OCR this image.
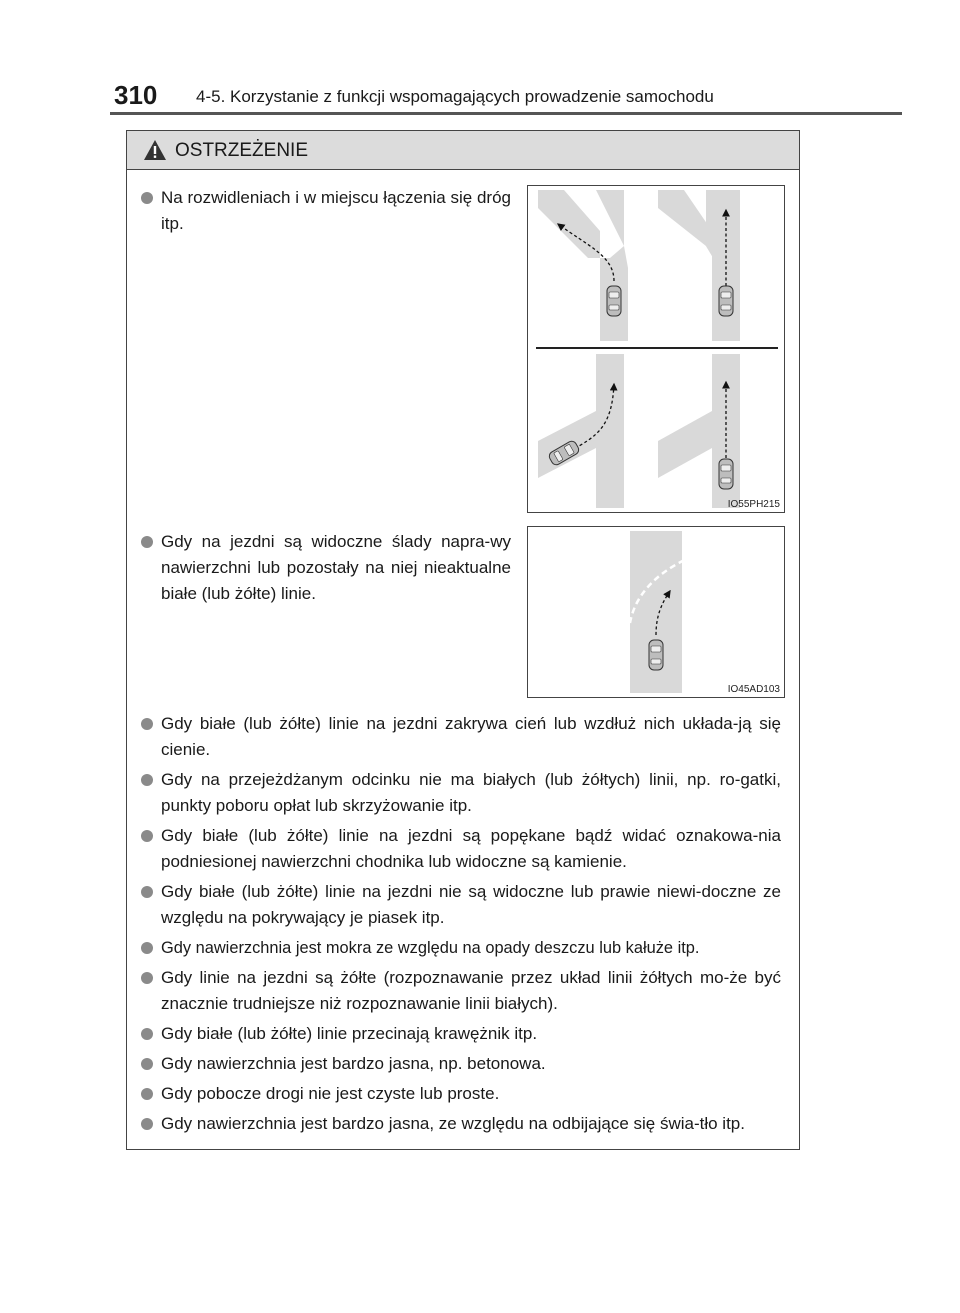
310 4-5. Korzystanie z funkcji wspomagających prowadzenie samochodu
OSTRZEŻENIE
Na rozwidleniach i w miejscu łączenia się dróg itp.
IO55PH215
Gdy na jezdni są widoczne ślady napra-wy nawierzchni lub pozostały na niej nieaktualne białe (lub żółte) linie.
IO45AD103
Gdy białe (lub żółte) linie na jezdni zakrywa cień lub wzdłuż nich układa-ją się cienie.
Gdy na przejeżdżanym odcinku nie ma białych (lub żółtych) linii, np. ro-gatki, punkty poboru opłat lub skrzyżowanie itp.
Gdy białe (lub żółte) linie na jezdni są popękane bądź widać oznakowa-nia podniesionej nawierzchni chodnika lub widoczne są kamienie.
Gdy białe (lub żółte) linie na jezdni nie są widoczne lub prawie niewi-doczne ze względu na pokrywający je piasek itp.
Gdy nawierzchnia jest mokra ze względu na opady deszczu lub kałuże itp.
Gdy linie na jezdni są żółte (rozpoznawanie przez układ linii żółtych mo-że być znacznie trudniejsze niż rozpoznawanie linii białych).
Gdy białe (lub żółte) linie przecinają krawężnik itp.
Gdy nawierzchnia jest bardzo jasna, np. betonowa.
Gdy pobocze drogi nie jest czyste lub proste.
Gdy nawierzchnia jest bardzo jasna, ze względu na odbijające się świa-tło itp.
